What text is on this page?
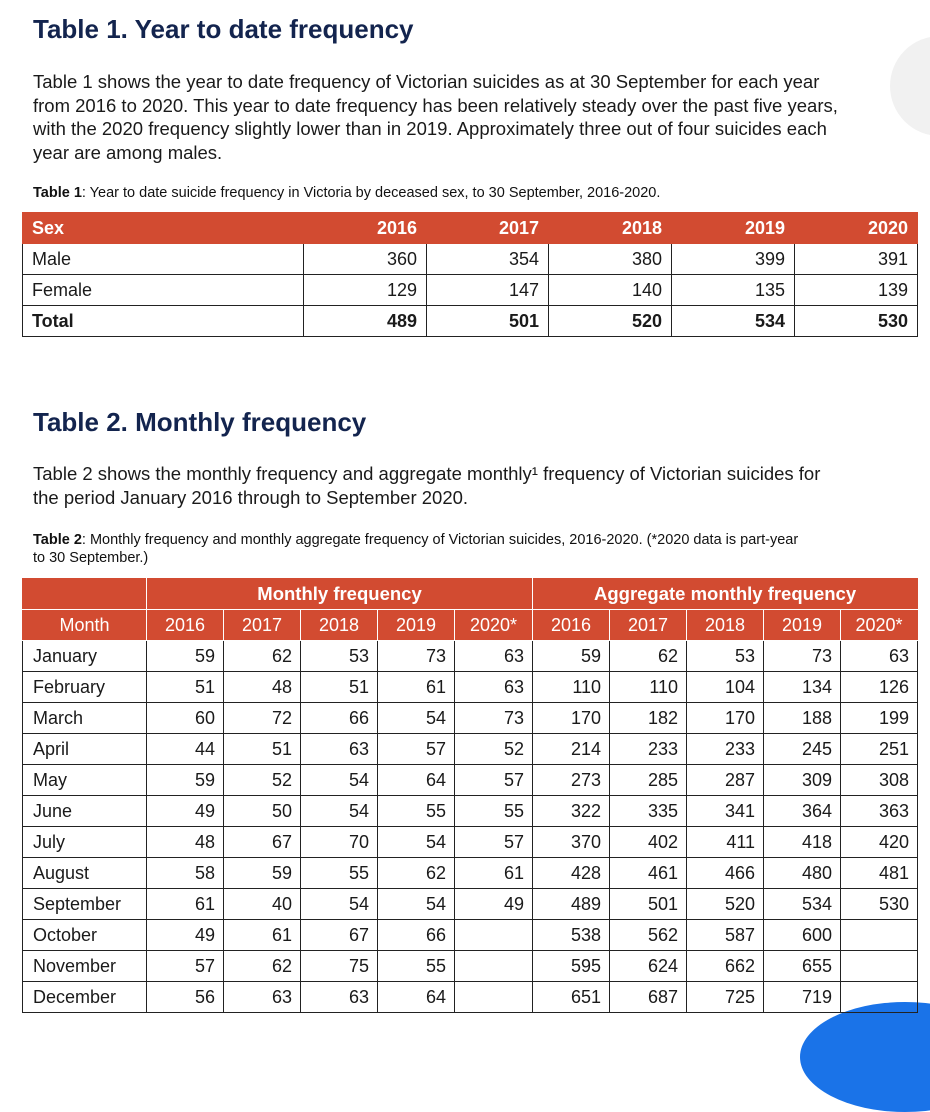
Table 1. Year to date frequency

Table 1 shows the year to date frequency of Victorian suicides as at 30 September for each year
from 2016 to 2020. This year to date frequency has been relatively steady over the past five years,
with the 2020 frequency slightly lower than in 2019. Approximately three out of four suicides each
year are among males.

Table 1: Year to date suicide frequency in Victoria by deceased sex, to 30 September, 2016-2020.

Sex	2016	2017	2018	2019	2020
Male	360	354	380	399	391
Female	129	147	140	135	139
Total	489	501	520	534	530
Table 2. Monthly frequency

Table 2 shows the monthly frequency and aggregate monthly¹ frequency of Victorian suicides for
the period January 2016 through to September 2020.

Table 2: Monthly frequency and monthly aggregate frequency of Victorian suicides, 2016-2020. (*2020 data is part-year
to 30 September.)

	Monthly frequency					Aggregate monthly frequency				
Month	2016	2017	2018	2019	2020*	2016	2017	2018	2019	2020*
January	59	62	53	73	63	59	62	53	73	63
February	51	48	51	61	63	110	110	104	134	126
March	60	72	66	54	73	170	182	170	188	199
April	44	51	63	57	52	214	233	233	245	251
May	59	52	54	64	57	273	285	287	309	308
June	49	50	54	55	55	322	335	341	364	363
July	48	67	70	54	57	370	402	411	418	420
August	58	59	55	62	61	428	461	466	480	481
September	61	40	54	54	49	489	501	520	534	530
October	49	61	67	66		538	562	587	600	
November	57	62	75	55		595	624	662	655	
December	56	63	63	64		651	687	725	719	
